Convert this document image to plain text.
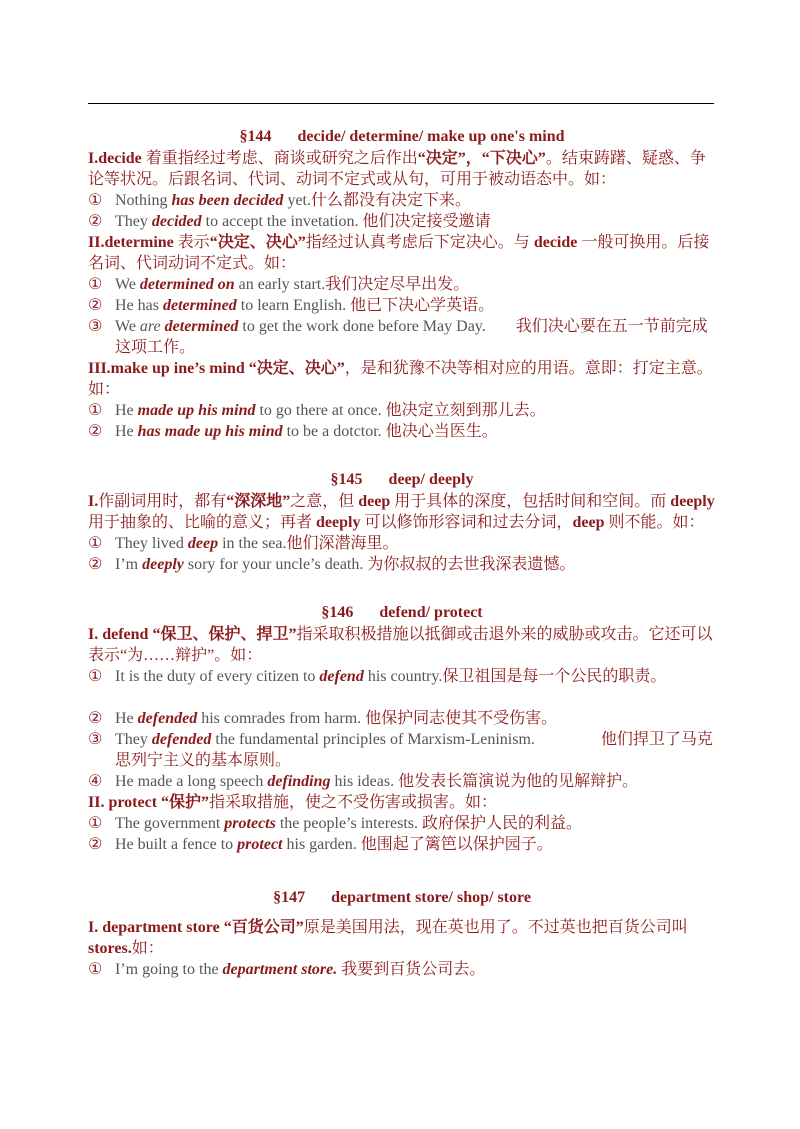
§144 decide/ determine/ make up one's mind
I.decide 着重指经过考虑、商谈或研究之后作出“决定”，“下决心”。结束踌躇、疑惑、争论等状况。后跟名词、代词、动词不定式或从句，可用于被动语态中。如：
① Nothing has been decided yet.什么都没有决定下来。
② They decided to accept the invetation. 他们决定接受邀请
II.determine 表示“决定、决心”指经过认真考虑后下定决心。与 decide 一般可换用。后接名词、代词动词不定式。如：
① We determined on an early start.我们决定尽早出发。
② He has determined to learn English. 他已下决心学英语。
③ We are determined to get the work done before May Day. 我们决心要在五一节前完成这项工作。
III.make up ine’s mind “决定、决心”，是和犹豫不决等相对应的用语。意即：打定主意。如：
① He made up his mind to go there at once. 他决定立刻到那儿去。
② He has made up his mind to be a dotctor. 他决心当医生。
§145 deep/ deeply
I.作副词用时，都有“深深地”之意，但 deep 用于具体的深度，包括时间和空间。而 deeply 用于抽象的、比喻的意义；再者 deeply 可以修饰形容词和过去分词，deep 则不能。如：
① They lived deep in the sea.他们深潜海里。
② I’m deeply sory for your uncle’s death. 为你叔叔的去世我深表遗憾。
§146 defend/ protect
I. defend “保卫、保护、捍卫”指采取积极措施以抵御或击退外来的威胁或攻击。它还可以表示“为……辩护”。如：
① It is the duty of every citizen to defend his country.保卫祖国是每一个公民的职责。
② He defended his comrades from harm. 他保护同志使其不受伤害。
③ They defended the fundamental principles of Marxism-Leninism.	他们捍卫了马克思列宁主义的基本原则。
④ He made a long speech definding his ideas. 他发表长篇演说为他的见解辩护。
II. protect “保护”指采取措施，使之不受伤害或损害。如：
① The government protects the people’s interests. 政府保护人民的利益。
② He built a fence to protect his garden. 他围起了篱笆以保护园子。
§147 department store/ shop/ store
I. department store “百货公司”原是美国用法，现在英也用了。不过英也把百货公司叫 stores.如：
① I’m going to the department store. 我要到百货公司去。
